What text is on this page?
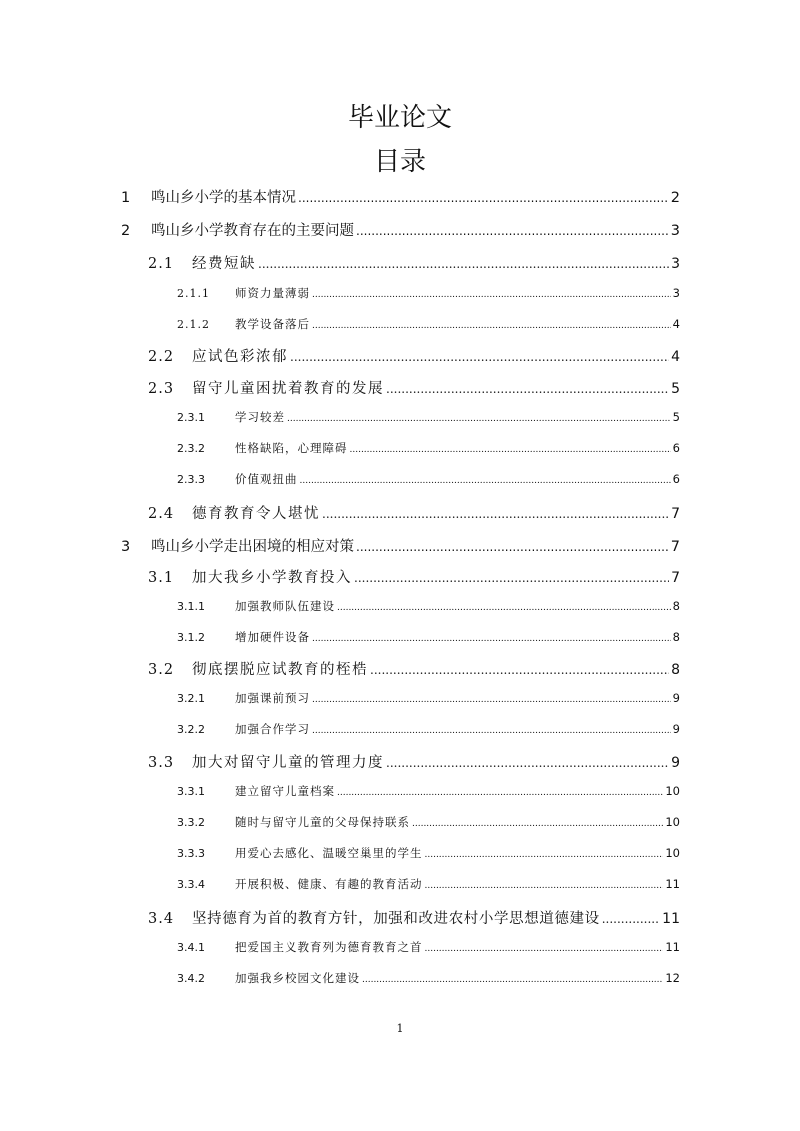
毕业论文
目录
1	鸣山乡小学的基本情况 .....	2
2	鸣山乡小学教育存在的主要问题 .....	3
2.1	经费短缺 .....	3
2.1.1	师资力量薄弱 .....	3
2.1.2	教学设备落后 .....	4
2.2	应试色彩浓郁 .....	4
2.3	留守儿童困扰着教育的发展 .....	5
2.3.1	学习较差 .....	5
2.3.2	性格缺陷，心理障碍 .....	6
2.3.3	价值观扭曲 .....	6
2.4	德育教育令人堪忧 .....	7
3	鸣山乡小学走出困境的相应对策 .....	7
3.1	加大我乡小学教育投入 .....	7
3.1.1	加强教师队伍建设 .....	8
3.1.2	增加硬件设备 .....	8
3.2	彻底摆脱应试教育的桎梏 .....	8
3.2.1	加强课前预习 .....	9
3.2.2	加强合作学习 .....	9
3.3	加大对留守儿童的管理力度 .....	9
3.3.1	建立留守儿童档案 .....	10
3.3.2	随时与留守儿童的父母保持联系 .....	10
3.3.3	用爱心去感化、温暖空巢里的学生 .....	10
3.3.4	开展积极、健康、有趣的教育活动 .....	11
3.4	坚持德育为首的教育方针，加强和改进农村小学思想道德建设 .....	11
3.4.1	把爱国主义教育列为德育教育之首 .....	11
3.4.2	加强我乡校园文化建设 .....	12
1
